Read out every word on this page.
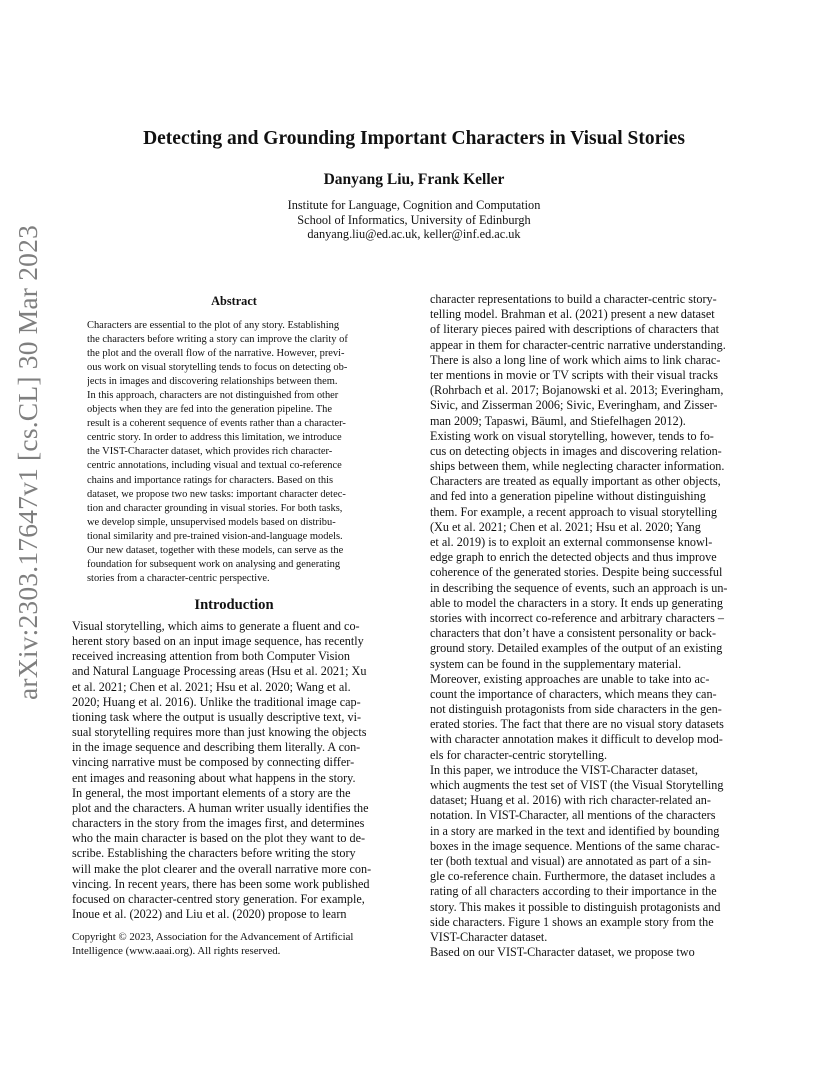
arXiv:2303.17647v1 [cs.CL] 30 Mar 2023
Detecting and Grounding Important Characters in Visual Stories
Danyang Liu, Frank Keller
Institute for Language, Cognition and Computation
School of Informatics, University of Edinburgh
danyang.liu@ed.ac.uk, keller@inf.ed.ac.uk
Abstract
Characters are essential to the plot of any story. Establishing
the characters before writing a story can improve the clarity of
the plot and the overall flow of the narrative. However, previ-
ous work on visual storytelling tends to focus on detecting ob-
jects in images and discovering relationships between them.
In this approach, characters are not distinguished from other
objects when they are fed into the generation pipeline. The
result is a coherent sequence of events rather than a character-
centric story. In order to address this limitation, we introduce
the VIST-Character dataset, which provides rich character-
centric annotations, including visual and textual co-reference
chains and importance ratings for characters. Based on this
dataset, we propose two new tasks: important character detec-
tion and character grounding in visual stories. For both tasks,
we develop simple, unsupervised models based on distribu-
tional similarity and pre-trained vision-and-language models.
Our new dataset, together with these models, can serve as the
foundation for subsequent work on analysing and generating
stories from a character-centric perspective.
Introduction
Visual storytelling, which aims to generate a fluent and co-
herent story based on an input image sequence, has recently
received increasing attention from both Computer Vision
and Natural Language Processing areas (Hsu et al. 2021; Xu
et al. 2021; Chen et al. 2021; Hsu et al. 2020; Wang et al.
2020; Huang et al. 2016). Unlike the traditional image cap-
tioning task where the output is usually descriptive text, vi-
sual storytelling requires more than just knowing the objects
in the image sequence and describing them literally. A con-
vincing narrative must be composed by connecting differ-
ent images and reasoning about what happens in the story.
In general, the most important elements of a story are the
plot and the characters. A human writer usually identifies the
characters in the story from the images first, and determines
who the main character is based on the plot they want to de-
scribe. Establishing the characters before writing the story
will make the plot clearer and the overall narrative more con-
vincing. In recent years, there has been some work published
focused on character-centred story generation. For example,
Inoue et al. (2022) and Liu et al. (2020) propose to learn
Copyright © 2023, Association for the Advancement of Artificial
Intelligence (www.aaai.org). All rights reserved.
character representations to build a character-centric story-
telling model. Brahman et al. (2021) present a new dataset
of literary pieces paired with descriptions of characters that
appear in them for character-centric narrative understanding.
There is also a long line of work which aims to link charac-
ter mentions in movie or TV scripts with their visual tracks
(Rohrbach et al. 2017; Bojanowski et al. 2013; Everingham,
Sivic, and Zisserman 2006; Sivic, Everingham, and Zisser-
man 2009; Tapaswi, Bäuml, and Stiefelhagen 2012).
Existing work on visual storytelling, however, tends to fo-
cus on detecting objects in images and discovering relation-
ships between them, while neglecting character information.
Characters are treated as equally important as other objects,
and fed into a generation pipeline without distinguishing
them. For example, a recent approach to visual storytelling
(Xu et al. 2021; Chen et al. 2021; Hsu et al. 2020; Yang
et al. 2019) is to exploit an external commonsense knowl-
edge graph to enrich the detected objects and thus improve
coherence of the generated stories. Despite being successful
in describing the sequence of events, such an approach is un-
able to model the characters in a story. It ends up generating
stories with incorrect co-reference and arbitrary characters –
characters that don’t have a consistent personality or back-
ground story. Detailed examples of the output of an existing
system can be found in the supplementary material.
Moreover, existing approaches are unable to take into ac-
count the importance of characters, which means they can-
not distinguish protagonists from side characters in the gen-
erated stories. The fact that there are no visual story datasets
with character annotation makes it difficult to develop mod-
els for character-centric storytelling.
In this paper, we introduce the VIST-Character dataset,
which augments the test set of VIST (the Visual Storytelling
dataset; Huang et al. 2016) with rich character-related an-
notation. In VIST-Character, all mentions of the characters
in a story are marked in the text and identified by bounding
boxes in the image sequence. Mentions of the same charac-
ter (both textual and visual) are annotated as part of a sin-
gle co-reference chain. Furthermore, the dataset includes a
rating of all characters according to their importance in the
story. This makes it possible to distinguish protagonists and
side characters. Figure 1 shows an example story from the
VIST-Character dataset.
Based on our VIST-Character dataset, we propose two
